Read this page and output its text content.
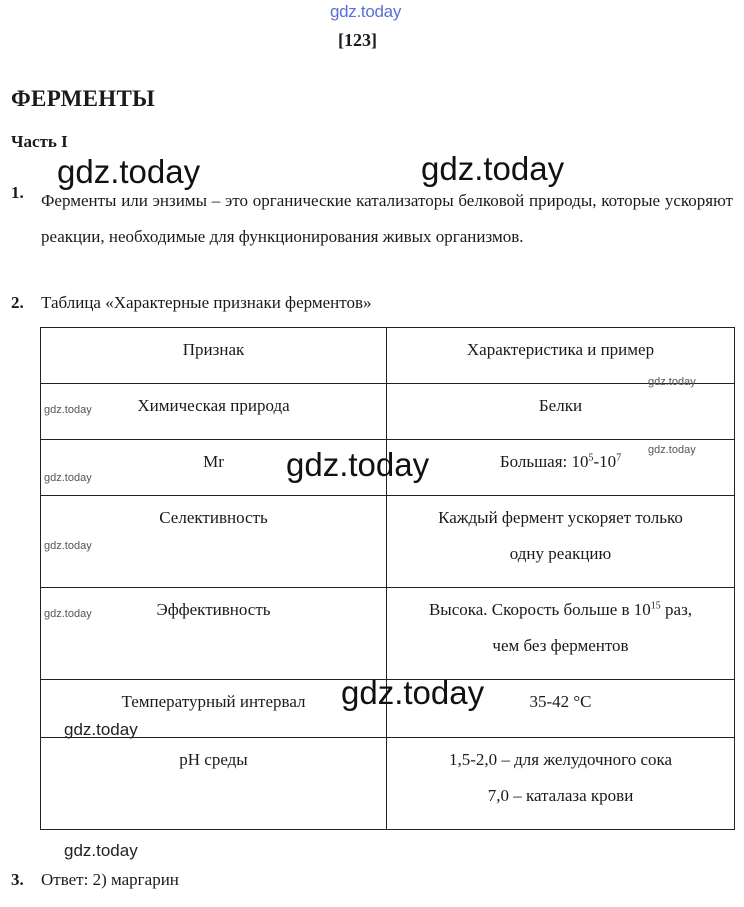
gdz.today
[123]
ФЕРМЕНТЫ
Часть I
1. Ферменты или энзимы – это органические катализаторы белковой природы, которые ускоряют реакции, необходимые для функционирования живых организмов.
2. Таблица «Характерные признаки ферментов»
Признак	Характеристика и пример
Химическая природа	Белки
Mr	Большая: $10^5-10^7$
Селективность	Каждый фермент ускоряет только
одну реакцию

Эффективность	Высока. Скорость больше в $10^{15}$ раз,
чем без ферментов

Температурный интервал	35-42 °С
рН среды	1,5-2,0 – для желудочного сока
7,0 – каталаза крови
3. Ответ: 2) маргарин
gdz.today	gdz.today
gdz.today
gdz.today
gdz.today
gdz.today
gdz.today
gdz.today
gdz.today
gdz.today
gdz.today
gdz.today
